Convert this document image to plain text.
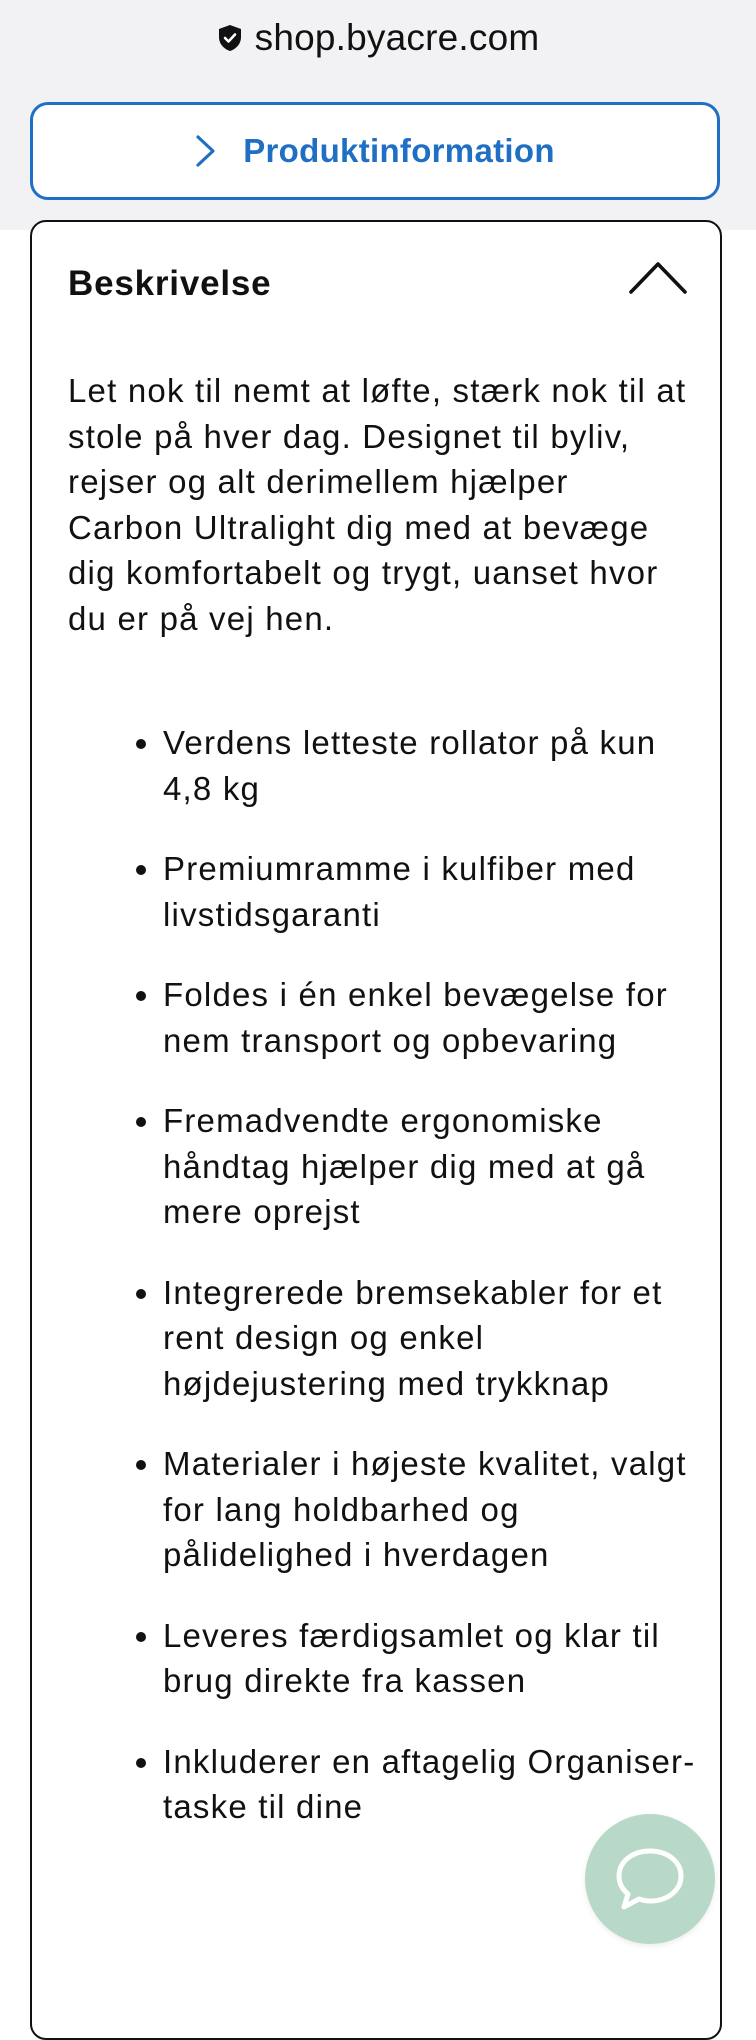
shop.byacre.com
Produktinformation
Beskrivelse

Let nok til nemt at løfte, stærk nok til at stole på hver dag. Designet til byliv, rejser og alt derimellem hjælper Carbon Ultralight dig med at bevæge dig komfortabelt og trygt, uanset hvor du er på vej hen.

• Verdens letteste rollator på kun 4,8 kg
• Premiumramme i kulfiber med livstidsgaranti
• Foldes i én enkel bevægelse for nem transport og opbevaring
• Fremadvendte ergonomiske håndtag hjælper dig med at gå mere oprejst
• Integrerede bremsekabler for et rent design og enkel højdejustering med trykknap
• Materialer i højeste kvalitet, valgt for lang holdbarhed og pålidelighed i hverdagen
• Leveres færdigsamlet og klar til brug direkte fra kassen
• Inkluderer en aftagelig Organiser-taske til dine
